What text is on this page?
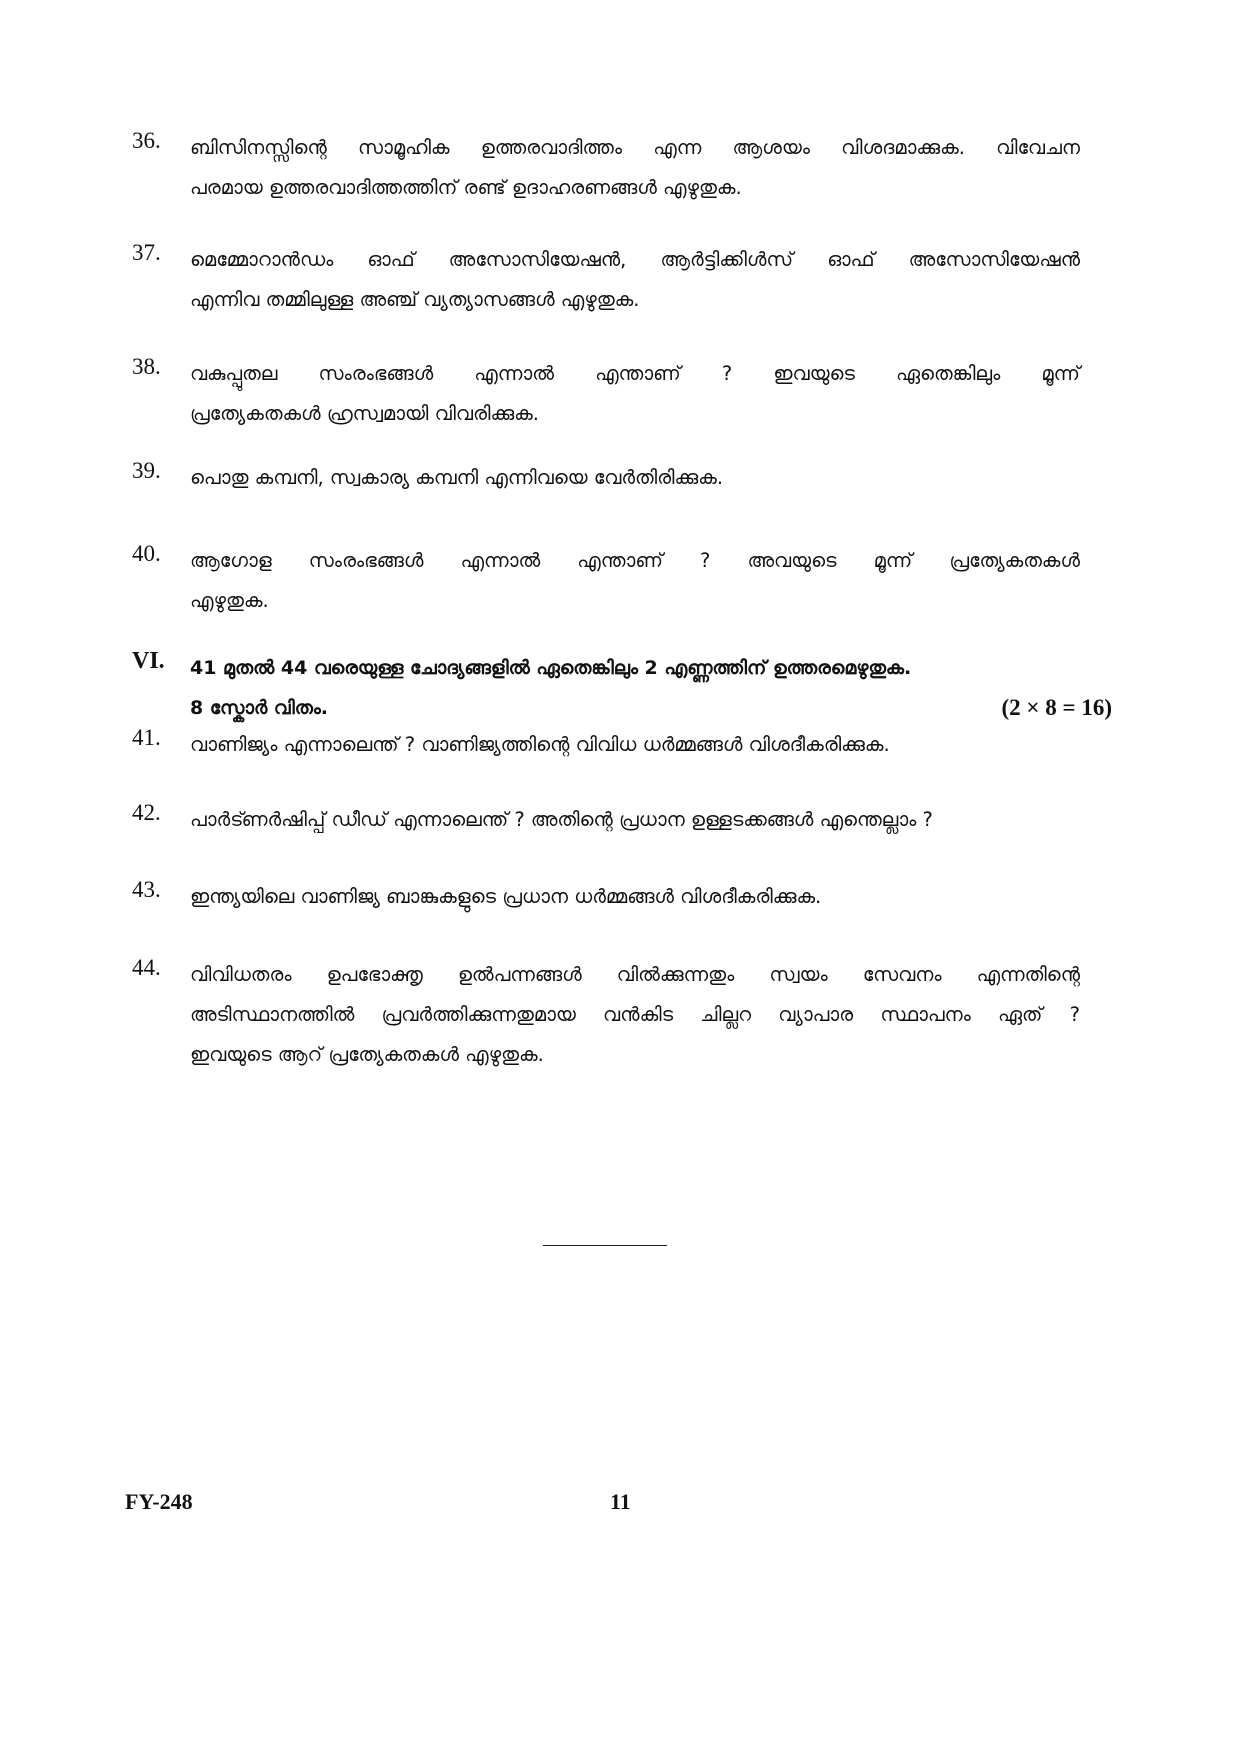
36.	ബിസിനസ്സിന്റെ സാമൂഹിക ഉത്തരവാദിത്തം എന്ന ആശയം വിശദമാക്കുക. വിവേചന
പരമായ ഉത്തരവാദിത്തത്തിന് രണ്ട് ഉദാഹരണങ്ങൾ എഴുതുക.
37.	മെമ്മോറാൻഡം ഓഫ് അസോസിയേഷൻ, ആർട്ടിക്കിൾസ് ഓഫ് അസോസിയേഷൻ
എന്നിവ തമ്മിലുള്ള അഞ്ച് വ്യത്യാസങ്ങൾ എഴുതുക.
38.	വകുപ്പുതല സംരംഭങ്ങൾ എന്നാൽ എന്താണ് ? ഇവയുടെ ഏതെങ്കിലും മൂന്ന്
പ്രത്യേകതകൾ ഹ്രസ്വമായി വിവരിക്കുക.
39.	പൊതു കമ്പനി, സ്വകാര്യ കമ്പനി എന്നിവയെ വേർതിരിക്കുക.
40.	ആഗോള സംരംഭങ്ങൾ എന്നാൽ എന്താണ് ? അവയുടെ മൂന്ന് പ്രത്യേകതകൾ
എഴുതുക.
VI. 41 മുതൽ 44 വരെയുള്ള ചോദ്യങ്ങളിൽ ഏതെങ്കിലും 2 എണ്ണത്തിന് ഉത്തരമെഴുതുക.
8 സ്കോർ വിതം.	(2 × 8 = 16)
41.	വാണിജ്യം എന്നാലെന്ത് ? വാണിജ്യത്തിന്റെ വിവിധ ധർമ്മങ്ങൾ വിശദീകരിക്കുക.
42.	പാർട്ണർഷിപ്പ് ഡീഡ് എന്നാലെന്ത് ? അതിന്റെ പ്രധാന ഉള്ളടക്കങ്ങൾ എന്തെല്ലാം ?
43.	ഇന്ത്യയിലെ വാണിജ്യ ബാങ്കുകളുടെ പ്രധാന ധർമ്മങ്ങൾ വിശദീകരിക്കുക.
44.	വിവിധതരം ഉപഭോക്തൃ ഉൽപന്നങ്ങൾ വിൽക്കുന്നതും സ്വയം സേവനം എന്നതിന്റെ
അടിസ്ഥാനത്തിൽ പ്രവർത്തിക്കുന്നതുമായ വൻകിട ചില്ലറ വ്യാപാര സ്ഥാപനം ഏത് ?
ഇവയുടെ ആറ് പ്രത്യേകതകൾ എഴുതുക.
FY-248	11
